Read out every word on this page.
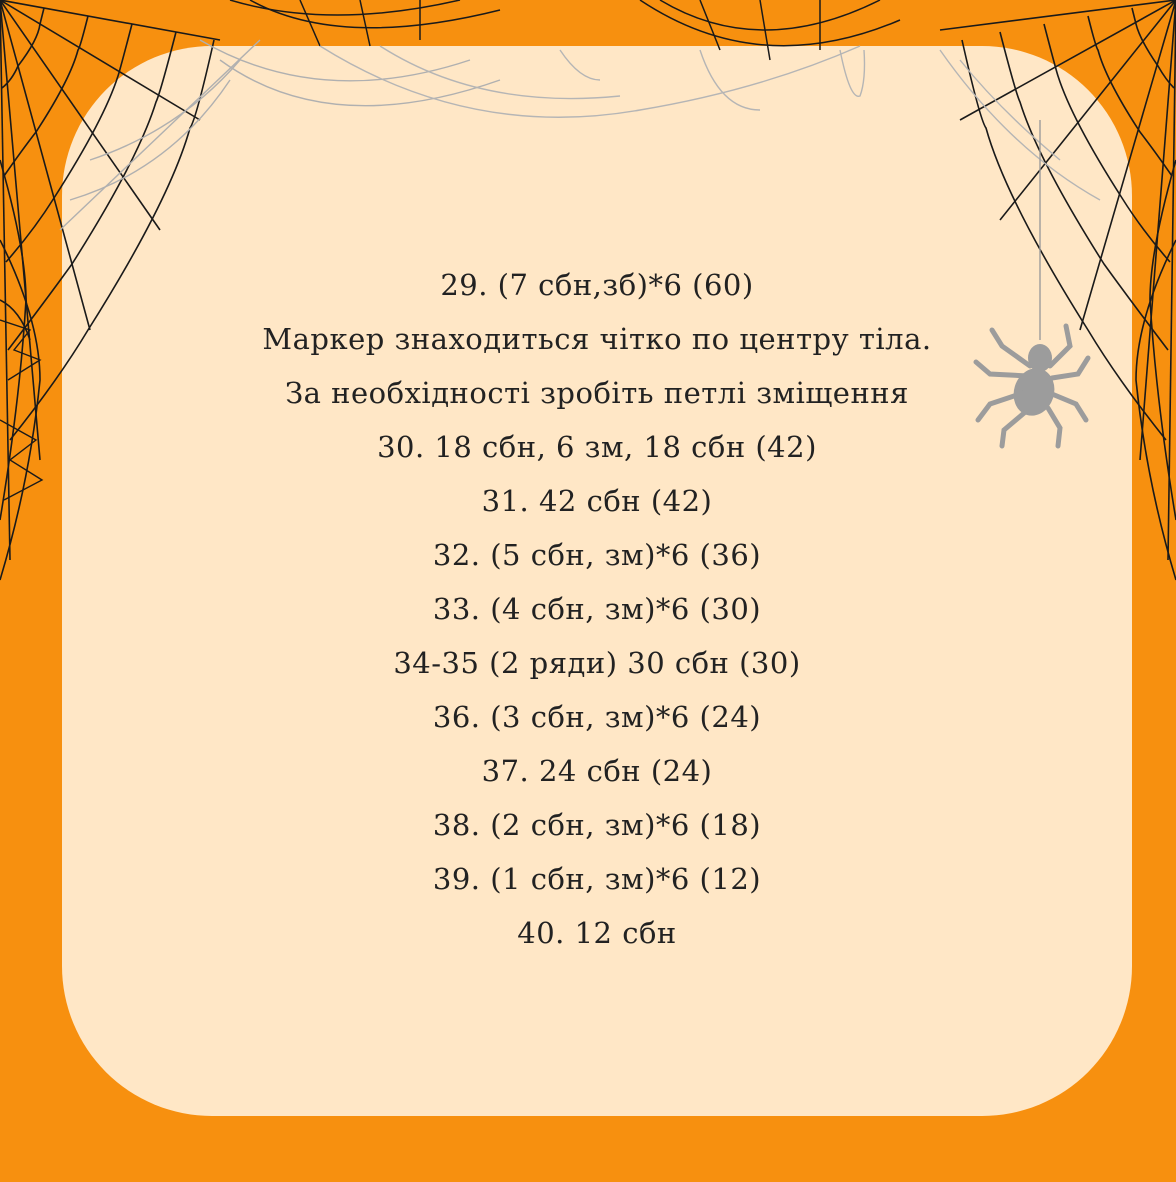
29. (7 сбн,зб)*6 (60)
Маркер знаходиться чітко по центру тіла.
За необхідності зробіть петлі зміщення
30. 18 сбн, 6 зм, 18 сбн (42)
31. 42 сбн (42)
32. (5 сбн, зм)*6 (36)
33. (4 сбн, зм)*6 (30)
34-35 (2 ряди) 30 сбн (30)
36. (3 сбн, зм)*6 (24)
37. 24 сбн (24)
38. (2 сбн, зм)*6 (18)
39. (1 сбн, зм)*6 (12)
40. 12 сбн
